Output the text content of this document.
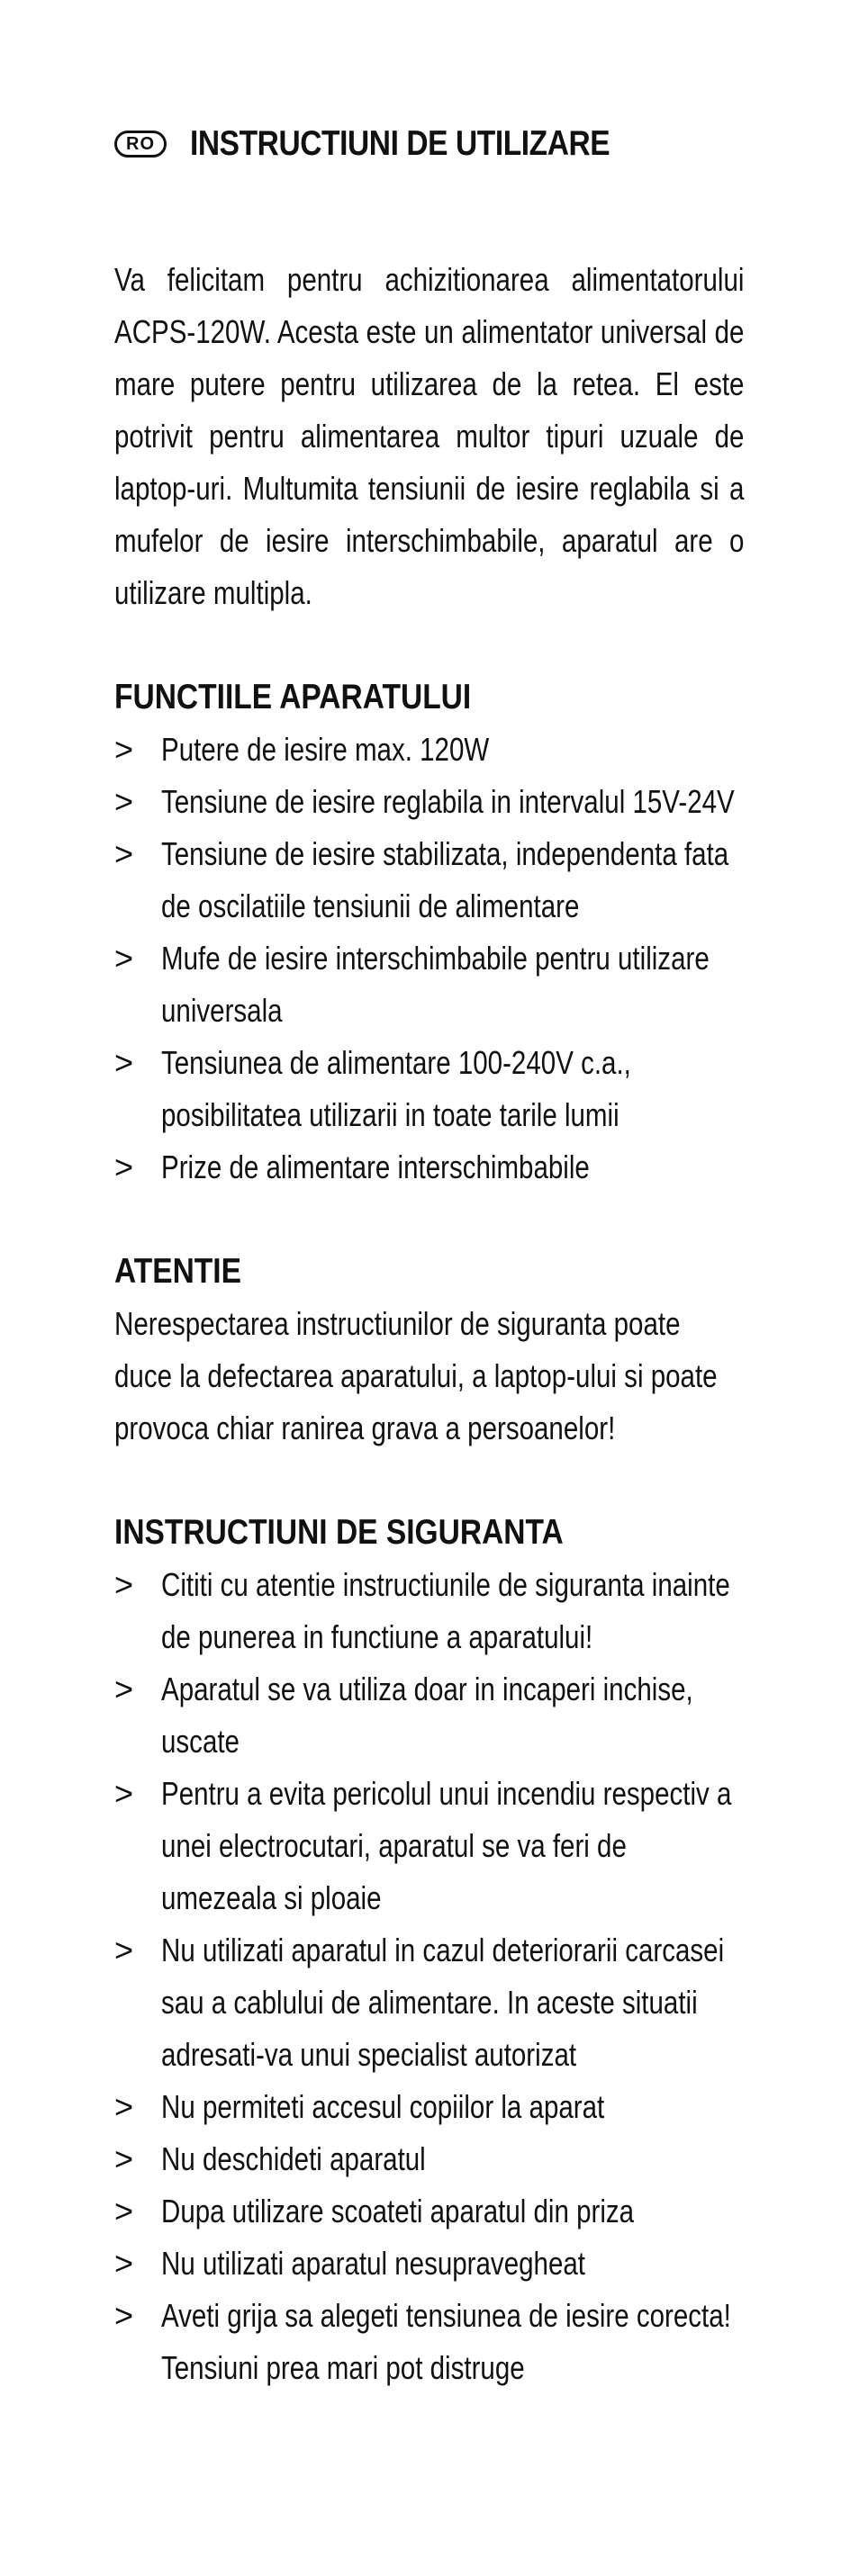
RO	INSTRUCTIUNI DE UTILIZARE
Va felicitam pentru achizitionarea alimentatorului ACPS-120W. Acesta este un alimentator universal de mare putere pentru utilizarea de la retea. El este potrivit pentru alimentarea multor tipuri uzuale de laptop-uri. Multumita tensiunii de iesire reglabila si a mufelor de iesire interschimbabile, aparatul are o utilizare multipla.
FUNCTIILE APARATULUI
> Putere de iesire max. 120W
> Tensiune de iesire reglabila in intervalul 15V-24V
> Tensiune de iesire stabilizata, independenta fata de oscilatiile tensiunii de alimentare
> Mufe de iesire interschimbabile pentru utilizare universala
> Tensiunea de alimentare 100-240V c.a., posibilitatea utilizarii in toate tarile lumii
> Prize de alimentare interschimbabile
ATENTIE
Nerespectarea instructiunilor de siguranta poate duce la defectarea aparatului, a laptop-ului si poate provoca chiar ranirea grava a persoanelor!
INSTRUCTIUNI DE SIGURANTA
> Cititi cu atentie instructiunile de siguranta inainte de punerea in functiune a aparatului!
> Aparatul se va utiliza doar in incaperi inchise, uscate
> Pentru a evita pericolul unui incendiu respectiv a unei electrocutari, aparatul se va feri de umezeala si ploaie
> Nu utilizati aparatul in cazul deteriorarii carcasei sau a cablului de alimentare. In aceste situatii adresati-va unui specialist autorizat
> Nu permiteti accesul copiilor la aparat
> Nu deschideti aparatul
> Dupa utilizare scoateti aparatul din priza
> Nu utilizati aparatul nesupravegheat
> Aveti grija sa alegeti tensiunea de iesire corecta! Tensiuni prea mari pot distruge
